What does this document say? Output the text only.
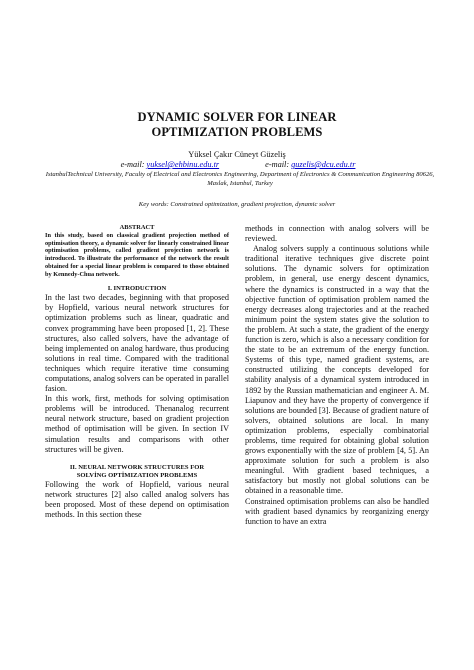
DYNAMIC SOLVER FOR LINEAR
OPTIMIZATION PROBLEMS
Yüksel Çakır Cüneyt Güzeliş
e-mail: yuksel@ehbinu.edu.tr	e-mail: guzelis@dcu.edu.tr
IstanbulTechnical University, Faculty of Electrical and Electronics Engineering, Department of Electronics & Communication Engineering 80626, Maslak, Istanbul, Turkey
Key words: Constrained optimization, gradient projection, dynamic solver

ABSTRACT

In this study, based on classical gradient projection method of optimisation theory, a dynamic solver for linearly constrained linear optimisation problems, called gradient projection network is introduced. To illustrate the performance of the network the result obtained for a special linear problem is compared to those obtained by Kennedy-Chua network.

I. INTRODUCTION

In the last two decades, beginning with that proposed by Hopfield, various neural network structures for optimization problems such as linear, quadratic and convex programming have been proposed [1, 2]. These structures, also called solvers, have the advantage of being implemented on analog hardware, thus producing solutions in real time. Compared with the traditional techniques which require iterative time consuming computations, analog solvers can be operated in parallel fasion.

In this work, first, methods for solving optimisation problems will be introduced. Thenanalog recurrent neural network structure, based on gradient projection method of optimisation will be given. In section IV simulation results and comparisons with other structures will be given.

II. NEURAL NETWORK STRUCTURES FOR
SOLVİNG OPTİMIZATION PROBLEMS

Following the work of Hopfield, various neural network structures [2] also called analog solvers has been proposed. Most of these depend on optimisation methods. In this section these

methods in connection with analog solvers will be reviewed.

Analog solvers supply a continuous solutions while traditional iterative techniques give discrete point solutions. The dynamic solvers for optimization problem, in general, use energy descent dynamics, where the dynamics is constructed in a way that the objective function of optimisation problem named the energy decreases along trajectories and at the reached minimum point the system states give the solution to the problem. At such a state, the gradient of the energy function is zero, which is also a necessary condition for the state to be an extremum of the energy function. Systems of this type, named gradient systems, are constructed utilizing the concepts developed for stability analysis of a dynamical system introduced in 1892 by the Russian mathematician and engineer A. M. Liapunov and they have the property of convergence if solutions are bounded [3]. Because of gradient nature of solvers, obtained solutions are local. In many optimization problems, especially combinatorial problems, time required for obtaining global solution grows exponentially with the size of problem [4, 5]. An approximate solution for such a problem is also meaningful. With gradient based techniques, a satisfactory but mostly not global solutions can be obtained in a reasonable time.

Constrained optimisation problems can also be handled with gradient based dynamics by reorganizing energy function to have an extra
